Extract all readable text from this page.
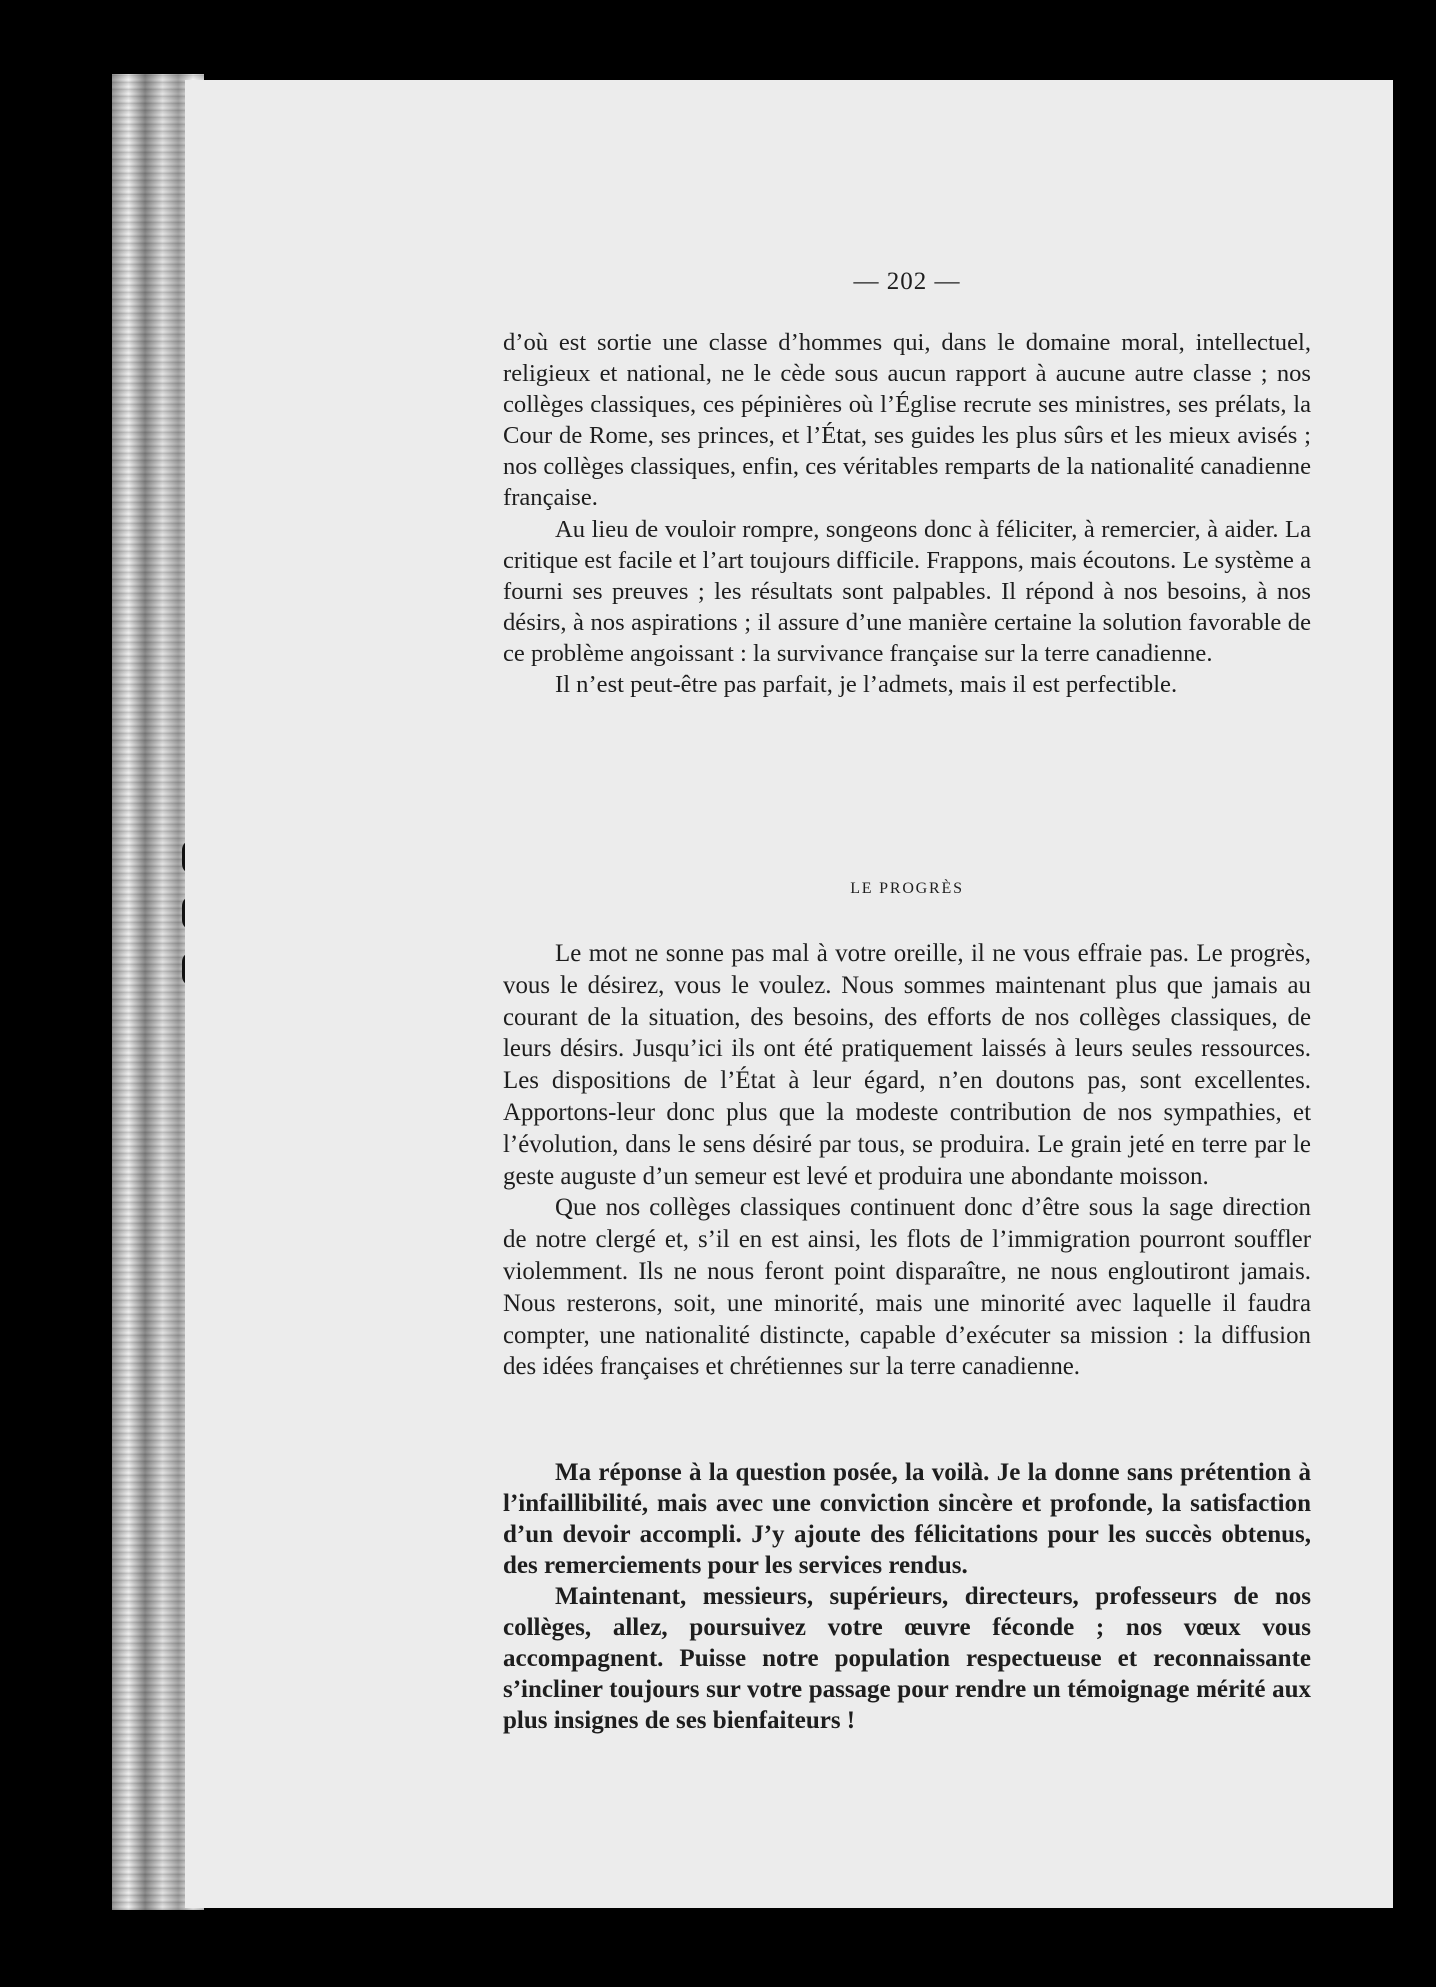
— 202 —

d’où est sortie une classe d’hommes qui, dans le domaine moral, intellectuel, religieux et national, ne le cède sous aucun rapport à aucune autre classe ; nos collèges classiques, ces pépinières où l’Église recrute ses ministres, ses prélats, la Cour de Rome, ses princes, et l’État, ses guides les plus sûrs et les mieux avisés ; nos collèges classiques, enfin, ces véritables remparts de la nationalité canadienne française.

Au lieu de vouloir rompre, songeons donc à féliciter, à remercier, à aider. La critique est facile et l’art toujours difficile. Frappons, mais écoutons. Le système a fourni ses preuves ; les résultats sont palpables. Il répond à nos besoins, à nos désirs, à nos aspirations ; il assure d’une manière certaine la solution favorable de ce problème angoissant : la survivance française sur la terre canadienne.

Il n’est peut-être pas parfait, je l’admets, mais il est perfectible.

LE PROGRÈS

Le mot ne sonne pas mal à votre oreille, il ne vous effraie pas. Le progrès, vous le désirez, vous le voulez. Nous sommes maintenant plus que jamais au courant de la situation, des besoins, des efforts de nos collèges classiques, de leurs désirs. Jusqu’ici ils ont été pratiquement laissés à leurs seules ressources. Les dispositions de l’État à leur égard, n’en doutons pas, sont excellentes. Apportons-leur donc plus que la modeste contribution de nos sympathies, et l’évolution, dans le sens désiré par tous, se produira. Le grain jeté en terre par le geste auguste d’un semeur est levé et produira une abondante moisson.

Que nos collèges classiques continuent donc d’être sous la sage direction de notre clergé et, s’il en est ainsi, les flots de l’immigration pourront souffler violemment. Ils ne nous feront point disparaître, ne nous engloutiront jamais. Nous resterons, soit, une minorité, mais une minorité avec laquelle il faudra compter, une nationalité distincte, capable d’exécuter sa mission : la diffusion des idées françaises et chrétiennes sur la terre canadienne.

Ma réponse à la question posée, la voilà. Je la donne sans prétention à l’infaillibilité, mais avec une conviction sincère et profonde, la satisfaction d’un devoir accompli. J’y ajoute des félicitations pour les succès obtenus, des remerciements pour les services rendus.

Maintenant, messieurs, supérieurs, directeurs, professeurs de nos collèges, allez, poursuivez votre œuvre féconde ; nos vœux vous accompagnent. Puisse notre population respectueuse et reconnaissante s’incliner toujours sur votre passage pour rendre un témoignage mérité aux plus insignes de ses bienfaiteurs !
